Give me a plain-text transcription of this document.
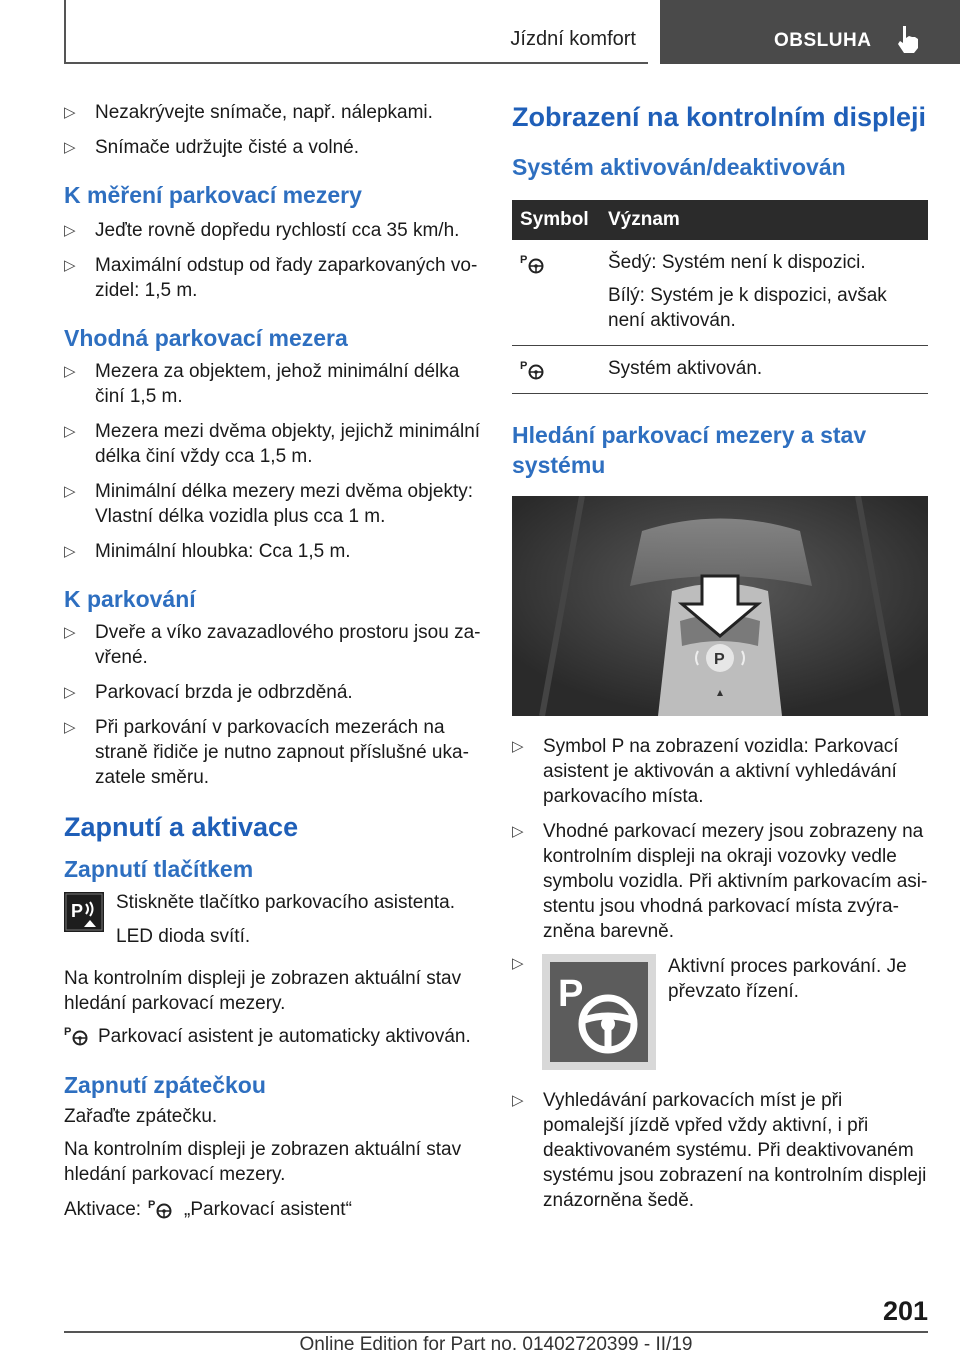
Jízdní komfort	OBSLUHA
▷ Nezakrývejte snímače, např. nálepkami.
▷ Snímače udržujte čisté a volné.
K měření parkovací mezery
▷ Jeďte rovně dopředu rychlostí cca 35 km/h.
▷ Maximální odstup od řady zaparkovaných vozidel: 1,5 m.
Vhodná parkovací mezera
▷ Mezera za objektem, jehož minimální délka činí 1,5 m.
▷ Mezera mezi dvěma objekty, jejichž minimální délka činí vždy cca 1,5 m.
▷ Minimální délka mezery mezi dvěma objekty: Vlastní délka vozidla plus cca 1 m.
▷ Minimální hloubka: Cca 1,5 m.
K parkování
▷ Dveře a víko zavazadlového prostoru jsou zavřené.
▷ Parkovací brzda je odbrzděná.
▷ Při parkování v parkovacích mezerách na straně řidiče je nutno zapnout příslušné ukazatele směru.
Zapnutí a aktivace
Zapnutí tlačítkem
P Stiskněte tlačítko parkovacího asistenta.
LED dioda svítí.

Na kontrolním displeji je zobrazen aktuální stav hledání parkovací mezery.

P Parkovací asistent je automaticky aktivován.
Zapnutí zpátečkou

Zařaďte zpátečku.

Na kontrolním displeji je zobrazen aktuální stav hledání parkovací mezery.

Aktivace: P „Parkovací asistent“
Zobrazení na kontrolním displeji
Systém aktivován/deaktivován
Symbol Význam
P	Šedý: Systém není k dispozici.
Bílý: Systém je k dispozici, avšak není aktivován.
P	Systém aktivován.
Hledání parkovací mezery a stav systému
P
▷ Symbol P na zobrazení vozidla: Parkovací asistent je aktivován a aktivní vyhledávání parkovacího místa.
▷ Vhodné parkovací mezery jsou zobrazeny na kontrolním displeji na okraji vozovky vedle symbolu vozidla. Při aktivním parkovacím asistentu jsou vhodná parkovací místa zvýrazněna barevně.
▷
P
Aktivní proces parkování. Je převzato řízení.
▷ Vyhledávání parkovacích míst je při pomalejší jízdě vpřed vždy aktivní, i při deaktivovaném systému. Při deaktivovaném systému jsou zobrazení na kontrolním displeji znázorněna šedě.
201
Online Edition for Part no. 01402720399 - II/19
